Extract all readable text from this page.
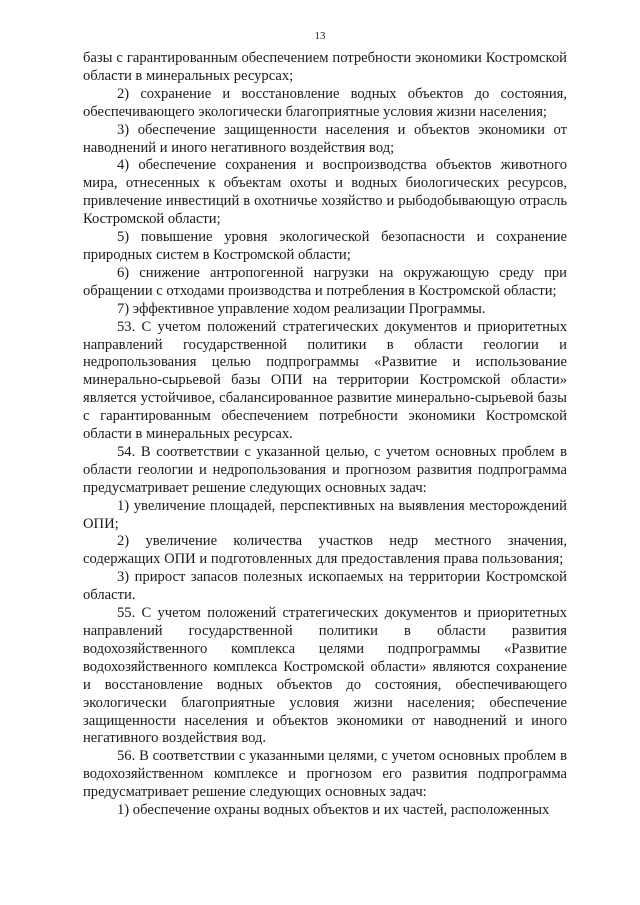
13

базы с гарантированным обеспечением потребности экономики Костромской области в минеральных ресурсах;

2) сохранение и восстановление водных объектов до состояния, обеспечивающего экологически благоприятные условия жизни населения;

3) обеспечение защищенности населения и объектов экономики от наводнений и иного негативного воздействия вод;

4) обеспечение сохранения и воспроизводства объектов животного мира, отнесенных к объектам охоты и водных биологических ресурсов, привлечение инвестиций в охотничье хозяйство и рыбодобывающую отрасль Костромской области;

5) повышение уровня экологической безопасности и сохранение природных систем в Костромской области;

6) снижение антропогенной нагрузки на окружающую среду при обращении с отходами производства и потребления в Костромской области;

7) эффективное управление ходом реализации Программы.

53. С учетом положений стратегических документов и приоритетных направлений государственной политики в области геологии и недропользования целью подпрограммы «Развитие и использование минерально-сырьевой базы ОПИ на территории Костромской области» является устойчивое, сбалансированное развитие минерально-сырьевой базы с гарантированным обеспечением потребности экономики Костромской области в минеральных ресурсах.

54. В соответствии с указанной целью, с учетом основных проблем в области геологии и недропользования и прогнозом развития подпрограмма предусматривает решение следующих основных задач:

1) увеличение площадей, перспективных на выявления месторождений ОПИ;

2) увеличение количества участков недр местного значения, содержащих ОПИ и подготовленных для предоставления права пользования;

3) прирост запасов полезных ископаемых на территории Костромской области.

55. С учетом положений стратегических документов и приоритетных направлений государственной политики в области развития водохозяйственного комплекса целями подпрограммы «Развитие водохозяйственного комплекса Костромской области» являются сохранение и восстановление водных объектов до состояния, обеспечивающего экологически благоприятные условия жизни населения; обеспечение защищенности населения и объектов экономики от наводнений и иного негативного воздействия вод.

56. В соответствии с указанными целями, с учетом основных проблем в водохозяйственном комплексе и прогнозом его развития подпрограмма предусматривает решение следующих основных задач:

1) обеспечение охраны водных объектов и их частей, расположенных
